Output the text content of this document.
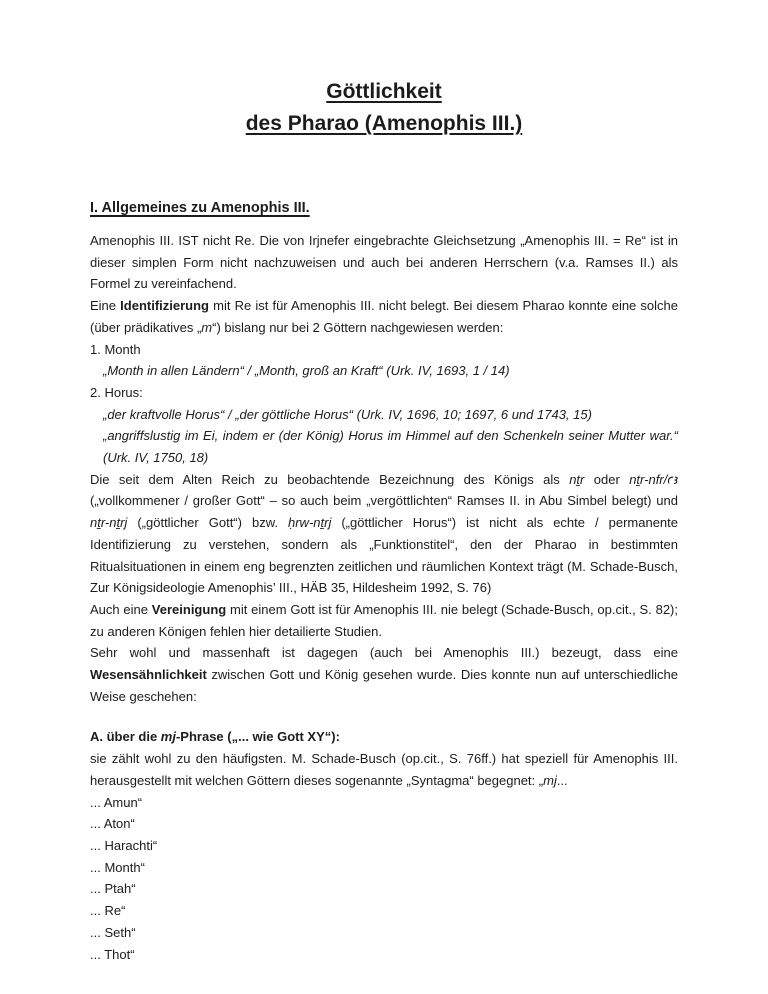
Göttlichkeit
des Pharao (Amenophis III.)
I. Allgemeines zu Amenophis III.

Amenophis III. IST nicht Re. Die von Irjnefer eingebrachte Gleichsetzung „Amenophis III. = Re“ ist in dieser simplen Form nicht nachzuweisen und auch bei anderen Herrschern (v.a. Ramses II.) als Formel zu vereinfachend.

Eine Identifizierung mit Re ist für Amenophis III. nicht belegt. Bei diesem Pharao konnte eine solche (über prädikatives „m“) bislang nur bei 2 Göttern nachgewiesen werden:

1. Month

„Month in allen Ländern“ / „Month, groß an Kraft“ (Urk. IV, 1693, 1 / 14)

2. Horus:

„der kraftvolle Horus“ / „der göttliche Horus“ (Urk. IV, 1696, 10; 1697, 6 und 1743, 15)

„angriffslustig im Ei, indem er (der König) Horus im Himmel auf den Schenkeln seiner Mutter war.“ (Urk. IV, 1750, 18)

Die seit dem Alten Reich zu beobachtende Bezeichnung des Königs als nṯr oder nṯr-nfr/ꜥꜣ („vollkommener / großer Gott“ – so auch beim „vergöttlichten“ Ramses II. in Abu Simbel belegt) und nṯr-nṯrj („göttlicher Gott“) bzw. ḥrw-nṯrj („göttlicher Horus“) ist nicht als echte / permanente Identifizierung zu verstehen, sondern als „Funktionstitel“, den der Pharao in bestimmten Ritualsituationen in einem eng begrenzten zeitlichen und räumlichen Kontext trägt (M. Schade-Busch, Zur Königsideologie Amenophis’ III., HÄB 35, Hildesheim 1992, S. 76)

Auch eine Vereinigung mit einem Gott ist für Amenophis III. nie belegt (Schade-Busch, op.cit., S. 82); zu anderen Königen fehlen hier detailierte Studien.

Sehr wohl und massenhaft ist dagegen (auch bei Amenophis III.) bezeugt, dass eine Wesensähnlichkeit zwischen Gott und König gesehen wurde. Dies konnte nun auf unterschiedliche Weise geschehen:

A. über die mj-Phrase („... wie Gott XY“):

sie zählt wohl zu den häufigsten. M. Schade-Busch (op.cit., S. 76ff.) hat speziell für Amenophis III. herausgestellt mit welchen Göttern dieses sogenannte „Syntagma“ begegnet: „mj...

... Amun“

... Aton“

... Harachti“

... Month“

... Ptah“

... Re“

... Seth“

... Thot“
